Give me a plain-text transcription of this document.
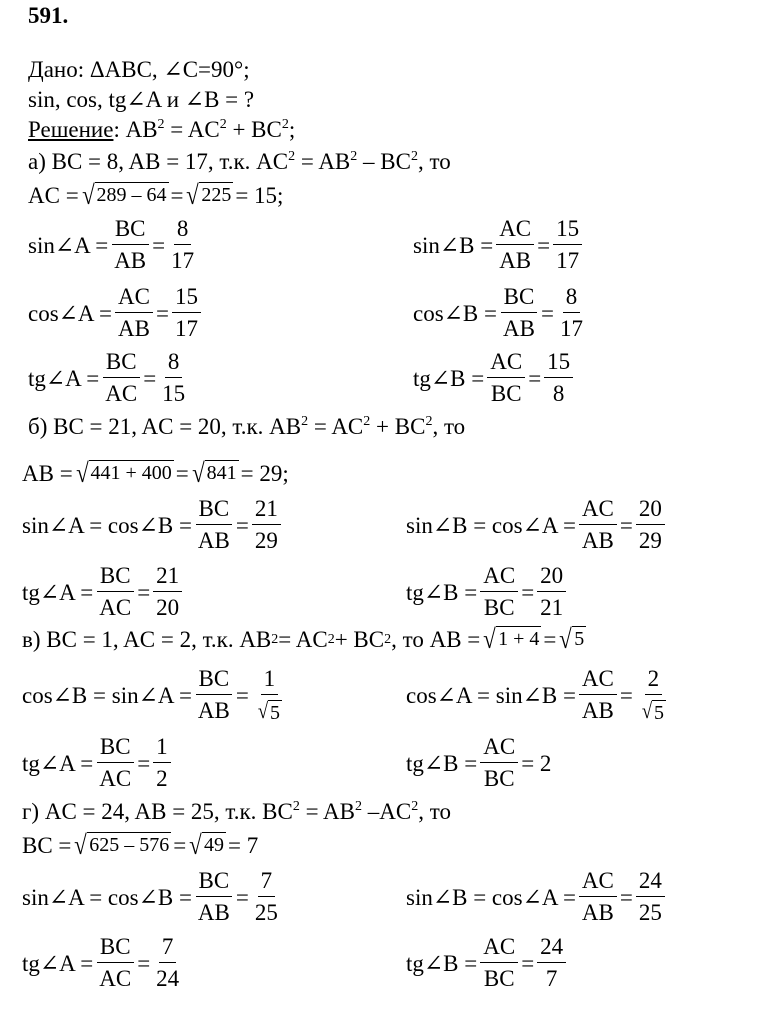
591.
Дано: ΔABC, ∠C=90°;
sin, cos, tg∠A и ∠B = ?
Решение: $AB^2 = AC^2 + BC^2$;
а) BC = 8, AB = 17, т.к. $AC^2 = AB^2 - BC^2$, то
AC = √ 289 – 64 = √ 225 = 15;
sin∠A = $\frac{BC}{AB} = \frac{8}{17}$	sin∠B = $\frac{AC}{AB} = \frac{15}{17}$
cos∠A = $\frac{AC}{AB} = \frac{15}{17}$	cos∠B = $\frac{BC}{AB} = \frac{8}{17}$
tg∠A = $\frac{BC}{AC} = \frac{8}{15}$	tg∠B = $\frac{AC}{BC} = \frac{15}{8}$
б) BC = 21, AC = 20, т.к. $AB^2 = AC^2 + BC^2$, то
AB = √ 441 + 400 = √ 841 = 29;
sin∠A = cos∠B = $\frac{BC}{AB} = \frac{21}{29}$	sin∠B = cos∠A = $\frac{AC}{AB} = \frac{20}{29}$
tg∠A = $\frac{BC}{AC} = \frac{21}{20}$	tg∠B = $\frac{AC}{BC} = \frac{20}{21}$
в) BC = 1, AC = 2, т.к. AB 2 = AC 2 + BC 2 , то AB = √ 1 + 4 = √ 5
cos∠B = sin∠A = $\frac{BC}{AB} = \frac{1}{√ 5}$	cos∠A = sin∠B = $\frac{AC}{AB} = \frac{2}{√ 5}$
tg∠A = $\frac{BC}{AC} = \frac{1}{2}$	tg∠B = $\frac{AC}{BC} = 2$
г) AC = 24, AB = 25, т.к. $BC^2 = AB^2$ $-AC^2$, то
BC = √ 625 – 576 = √ 49 = 7
sin∠A = cos∠B = $\frac{BC}{AB} = \frac{7}{25}$	sin∠B = cos∠A = $\frac{AC}{AB} = \frac{24}{25}$
tg∠A = $\frac{BC}{AC} = \frac{7}{24}$	tg∠B = $\frac{AC}{BC} = \frac{24}{7}$
